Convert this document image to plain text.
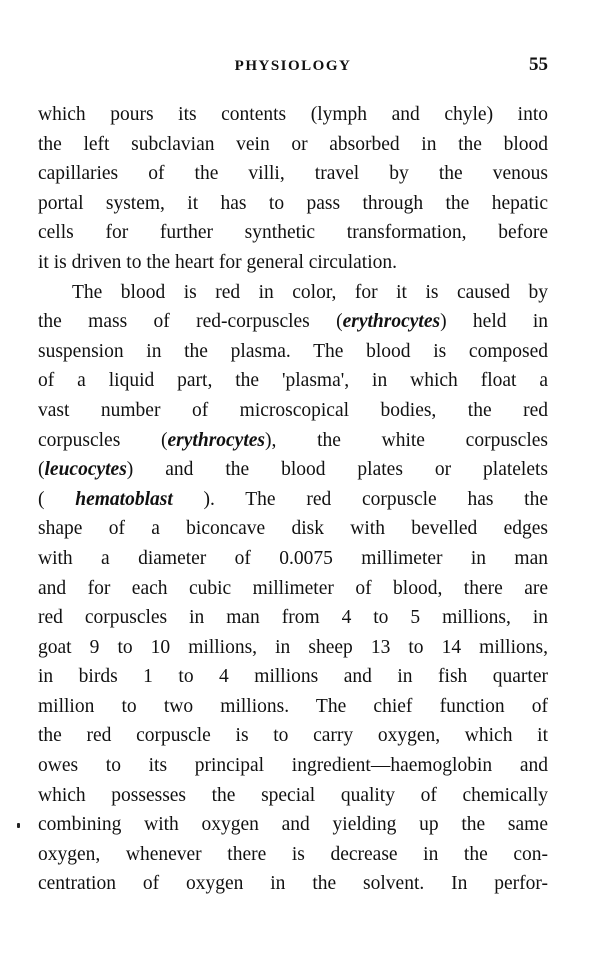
PHYSIOLOGY	55
which pours its contents (lymph and chyle) into
the left subclavian vein or absorbed in the blood
capillaries of the villi, travel by the venous
portal system, it has to pass through the hepatic
cells for further synthetic transformation, before
it is driven to the heart for general circulation.
The blood is red in color, for it is caused by
the mass of red-corpuscles (erythrocytes) held in
suspension in the plasma. The blood is composed
of a liquid part, the 'plasma', in which float a
vast number of microscopical bodies, the red
corpuscles (erythrocytes), the white corpuscles
(leucocytes) and the blood plates or platelets
( hematoblast ). The red corpuscle has the
shape of a biconcave disk with bevelled edges
with a diameter of 0.0075 millimeter in man
and for each cubic millimeter of blood, there are
red corpuscles in man from 4 to 5 millions, in
goat 9 to 10 millions, in sheep 13 to 14 millions,
in birds 1 to 4 millions and in fish quarter
million to two millions. The chief function of
the red corpuscle is to carry oxygen, which it
owes to its principal ingredient—haemoglobin and
which possesses the special quality of chemically
combining with oxygen and yielding up the same
oxygen, whenever there is decrease in the con-
centration of oxygen in the solvent. In perfor-
